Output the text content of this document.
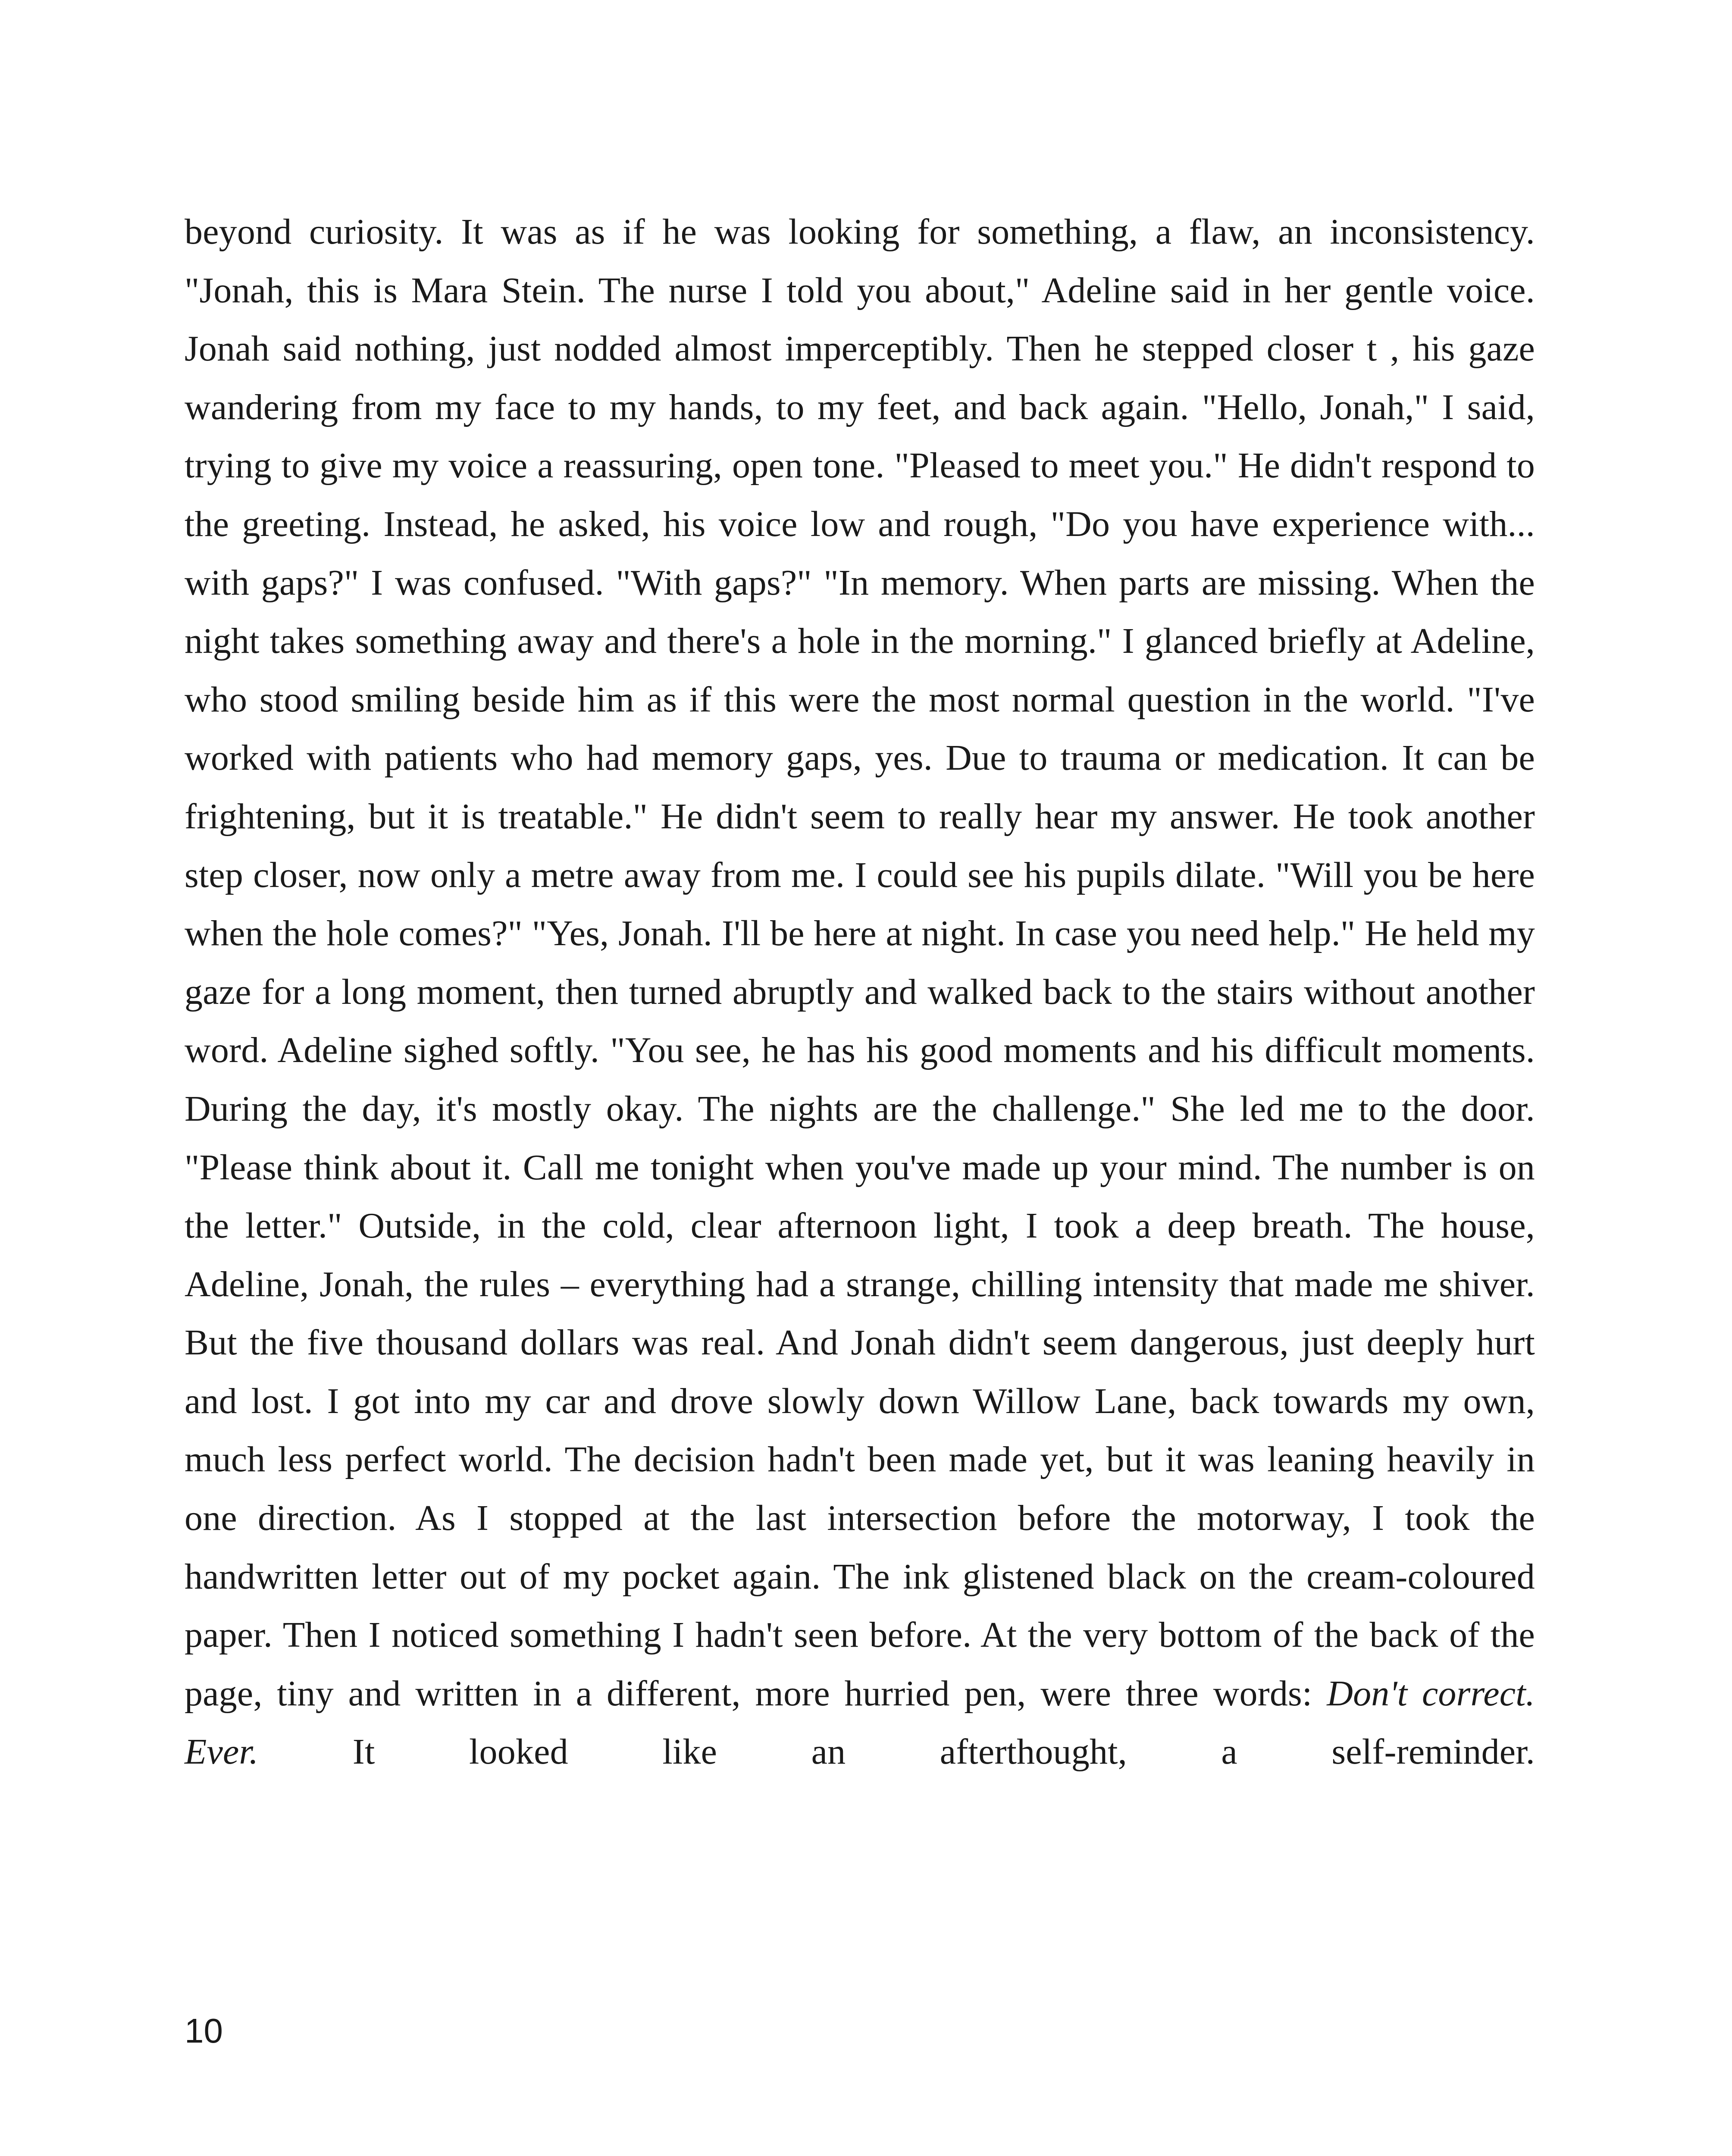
beyond curiosity. It was as if he was looking for something, a flaw, an inconsistency. "Jonah, this is Mara Stein. The nurse I told you about," Adeline said in her gentle voice. Jonah said nothing, just nodded almost imperceptibly. Then he stepped closer t , his gaze wandering from my face to my hands, to my feet, and back again. "Hello, Jonah," I said, trying to give my voice a reassuring, open tone. "Pleased to meet you." He didn't respond to the greeting. Instead, he asked, his voice low and rough, "Do you have experience with... with gaps?" I was confused. "With gaps?" "In memory. When parts are missing. When the night takes something away and there's a hole in the morning." I glanced briefly at Adeline, who stood smiling beside him as if this were the most normal question in the world. "I've worked with patients who had memory gaps, yes. Due to trauma or medication. It can be frightening, but it is treatable." He didn't seem to really hear my answer. He took another step closer, now only a metre away from me. I could see his pupils dilate. "Will you be here when the hole comes?" "Yes, Jonah. I'll be here at night. In case you need help." He held my gaze for a long moment, then turned abruptly and walked back to the stairs without another word. Adeline sighed softly. "You see, he has his good moments and his difficult moments. During the day, it's mostly okay. The nights are the challenge." She led me to the door. "Please think about it. Call me tonight when you've made up your mind. The number is on the letter." Outside, in the cold, clear afternoon light, I took a deep breath. The house, Adeline, Jonah, the rules – everything had a strange, chilling intensity that made me shiver. But the five thousand dollars was real. And Jonah didn't seem dangerous, just deeply hurt and lost. I got into my car and drove slowly down Willow Lane, back towards my own, much less perfect world. The decision hadn't been made yet, but it was leaning heavily in one direction. As I stopped at the last intersection before the motorway, I took the handwritten letter out of my pocket again. The ink glistened black on the cream-coloured paper. Then I noticed something I hadn't seen before. At the very bottom of the back of the page, tiny and written in a different, more hurried pen, were three words: Don't correct. Ever. It looked like an afterthought, a self-reminder.

10
